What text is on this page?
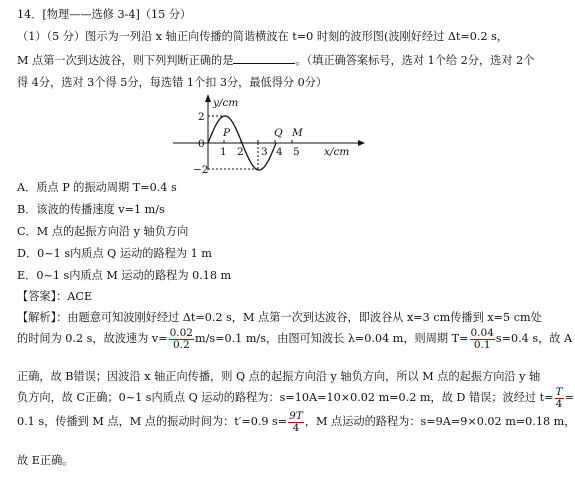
14．[物理——选修 3-4]（15 分）
（1）（5 分）图示为一列沿 x 轴正向传播的简谐横波在 t=0 时刻的波形图(波刚好经过 Δt=0.2 s，
M 点第一次到达波谷，则下列判断正确的是	。（填正确答案标号，选对 1个给 2分，选对 2个
得 4分，选对 3个得 5分，每选错 1个扣 3分，最低得分 0分）
y/cm
2
−2
0
1 2 3 4 5 x/cm
P	Q M
A．质点 P 的振动周期 T=0.4 s
B．该波的传播速度 v=1 m/s
C．M 点的起振方向沿 y 轴负方向
D．0~1 s内质点 Q 运动的路程为 1 m
E．0~1 s内质点 M 运动的路程为 0.18 m
【答案】：ACE
【解析】：由题意可知波刚好经过 Δt=0.2 s，M 点第一次到达波谷，即波谷从 x=3 cm传播到 x=5 cm处
的时间为 0.2 s，故波速为 $v= \frac{0.02}{0.2} m/s=0.1$ m/s，由图可知波长 λ=0.04 m，则周期 $T= \frac{0.04}{0.1} s=0.4$ s，故 A
正确，故 B错误；因波沿 x 轴正向传播，则 Q 点的起振方向沿 y 轴负方向，所以 M 点的起振方向沿 y 轴
负方向，故 C正确；0~1 s内质点 Q 运动的路程为：s=10A=10×0.02 m=0.2 m，故 D 错误；波经过 $t= \frac{T}{4}$ =
0.1 s，传播到 M 点，M 点的振动时间为：t′=0.9 $s= \frac{9T}{4}$ ，M 点运动的路程为：s=9A=9×0.02 m=0.18 m，
故 E正确。
